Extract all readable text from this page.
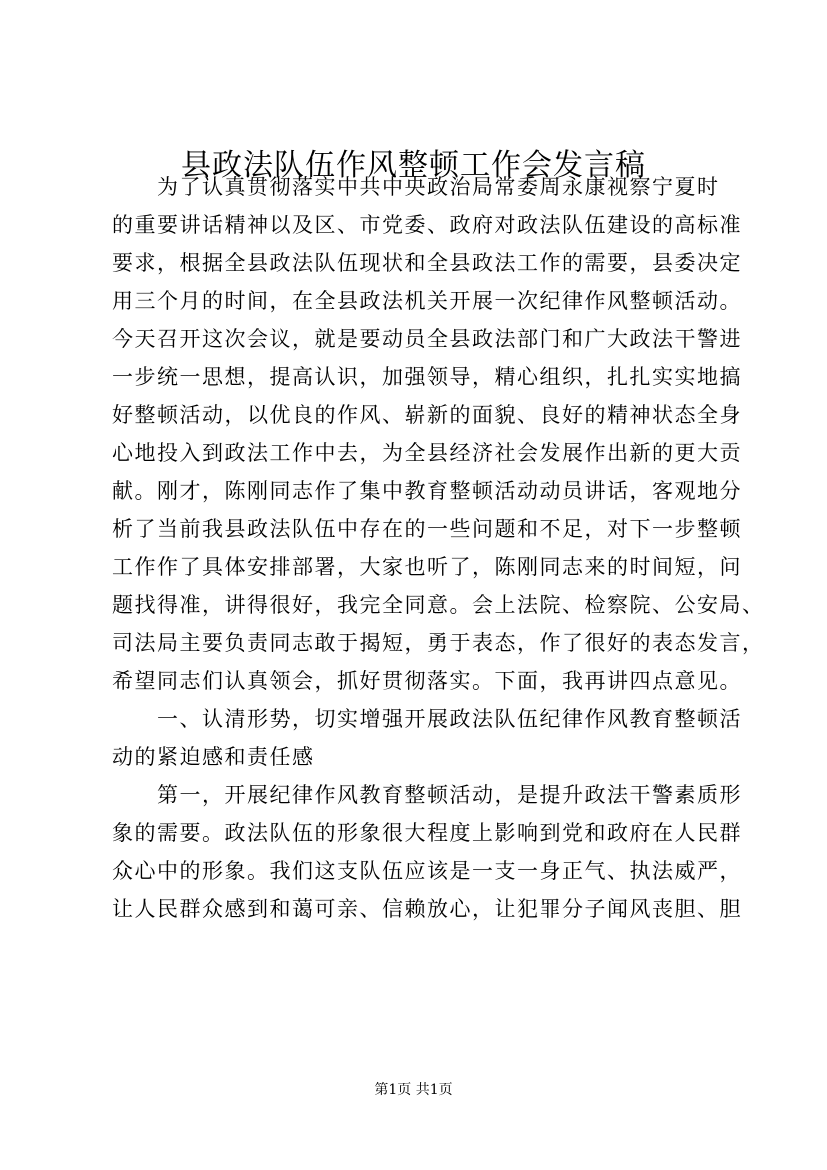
县政法队伍作风整顿工作会发言稿
　　为了认真贯彻落实中共中央政治局常委周永康视察宁夏时
的重要讲话精神以及区、市党委、政府对政法队伍建设的高标准
要求，根据全县政法队伍现状和全县政法工作的需要，县委决定
用三个月的时间，在全县政法机关开展一次纪律作风整顿活动。
今天召开这次会议，就是要动员全县政法部门和广大政法干警进
一步统一思想，提高认识，加强领导，精心组织，扎扎实实地搞
好整顿活动，以优良的作风、崭新的面貌、良好的精神状态全身
心地投入到政法工作中去，为全县经济社会发展作出新的更大贡
献。刚才，陈刚同志作了集中教育整顿活动动员讲话，客观地分
析了当前我县政法队伍中存在的一些问题和不足，对下一步整顿
工作作了具体安排部署，大家也听了，陈刚同志来的时间短，问
题找得准，讲得很好，我完全同意。会上法院、检察院、公安局、
司法局主要负责同志敢于揭短，勇于表态，作了很好的表态发言，
希望同志们认真领会，抓好贯彻落实。下面，我再讲四点意见。
　　一、认清形势，切实增强开展政法队伍纪律作风教育整顿活
动的紧迫感和责任感
　　第一，开展纪律作风教育整顿活动，是提升政法干警素质形
象的需要。政法队伍的形象很大程度上影响到党和政府在人民群
众心中的形象。我们这支队伍应该是一支一身正气、执法威严，
让人民群众感到和蔼可亲、信赖放心，让犯罪分子闻风丧胆、胆
第1页 共1页
